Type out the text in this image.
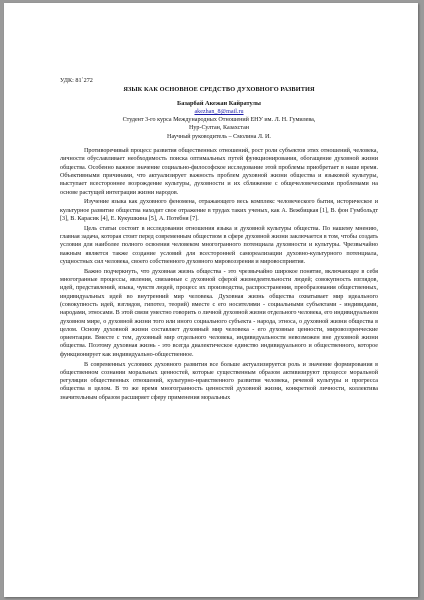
УДК: 81`272

ЯЗЫК КАК ОСНОВНОЕ СРЕДСТВО ДУХОВНОГО РАЗВИТИЯ

Базарбай Акежан Кайратулы

akezhan_8@mail.ru

Студент 3-го курса Международных Отношений ЕНУ им. Л. Н. Гумилева,

Нур-Султан, Казахстан

Научный руководитель – Смолина Л. И.

Противоречивый процесс развития общественных отношений, рост роли субъектов этих отношений, человека, личности обуславливает необходимость поиска оптимальных путей функционирования, обогащение духовной жизни общества. Особенно важное значение социально-философское исследование этой проблемы приобретает в наше время. Объективными причинами, что актуализирует важность проблем духовной жизни общества и языковой культуры, выступает всестороннее возрождение культуры, духовности и их сближение с общечеловеческими проблемами на основе растущей интеграции жизни народов.

Изучение языка как духовного феномена, отражающего весь комплекс человеческого бытия, историческое и культурное развитие общества находит свое отражение в трудах таких ученых, как А. Вежбицкая [1], В. фон Гумбольдт [3], В. Карасик [4], Е. Кукушкина [5], А. Потебня [7].

Цель статьи состоит в исследовании отношения языка и духовной культуры общества. По нашему мнению, главная задача, которая стоит перед современным обществом в сфере духовной жизни заключается в том, чтобы создать условия для наиболее полного освоения человеком многогранного потенциала духовности и культуры. Чрезвычайно важным является также создание условий для всесторонней самореализации духовно-культурного потенциала, сущностных сил человека, своего собственного духовного мировоззрения и мировосприятия.

Важно подчеркнуть, что духовная жизнь общества - это чрезвычайно широкое понятие, включающее в себя многогранные процессы, явления, связанные с духовной сферой жизнедеятельности людей; совокупность взглядов, идей, представлений, языка, чувств людей, процесс их производства, распространения, преобразования общественных, индивидуальных идей во внутренний мир человека. Духовная жизнь общества охватывает мир идеального (совокупность идей, взглядов, гипотез, теорий) вместе с его носителями - социальными субъектами - индивидами, народами, этносами. В этой связи уместно говорить о личной духовной жизни отдельного человека, его индивидуальном духовном мире, о духовной жизни того или иного социального субъекта - народа, этноса, о духовной жизни общества в целом. Основу духовной жизни составляет духовный мир человека - его духовные ценности, мировоззренческие ориентации. Вместе с тем, духовный мир отдельного человека, индивидуальности невозможен вне духовной жизни общества. Поэтому духовная жизнь - это всегда диалектическое единство индивидуального и общественного, которое функционирует как индивидуально-общественное.

В современных условиях духовного развития все больше актуализируется роль и значение формирования в общественном сознании моральных ценностей, которые существенным образом активизируют процессе моральной регуляции общественных отношений, культурно-нравственного развития человека, речевой культуры и прогресса общества в целом. В то же время многогранность ценностей духовной жизни, конкретной личности, коллектива значительным образом расширяет сферу применения моральных
